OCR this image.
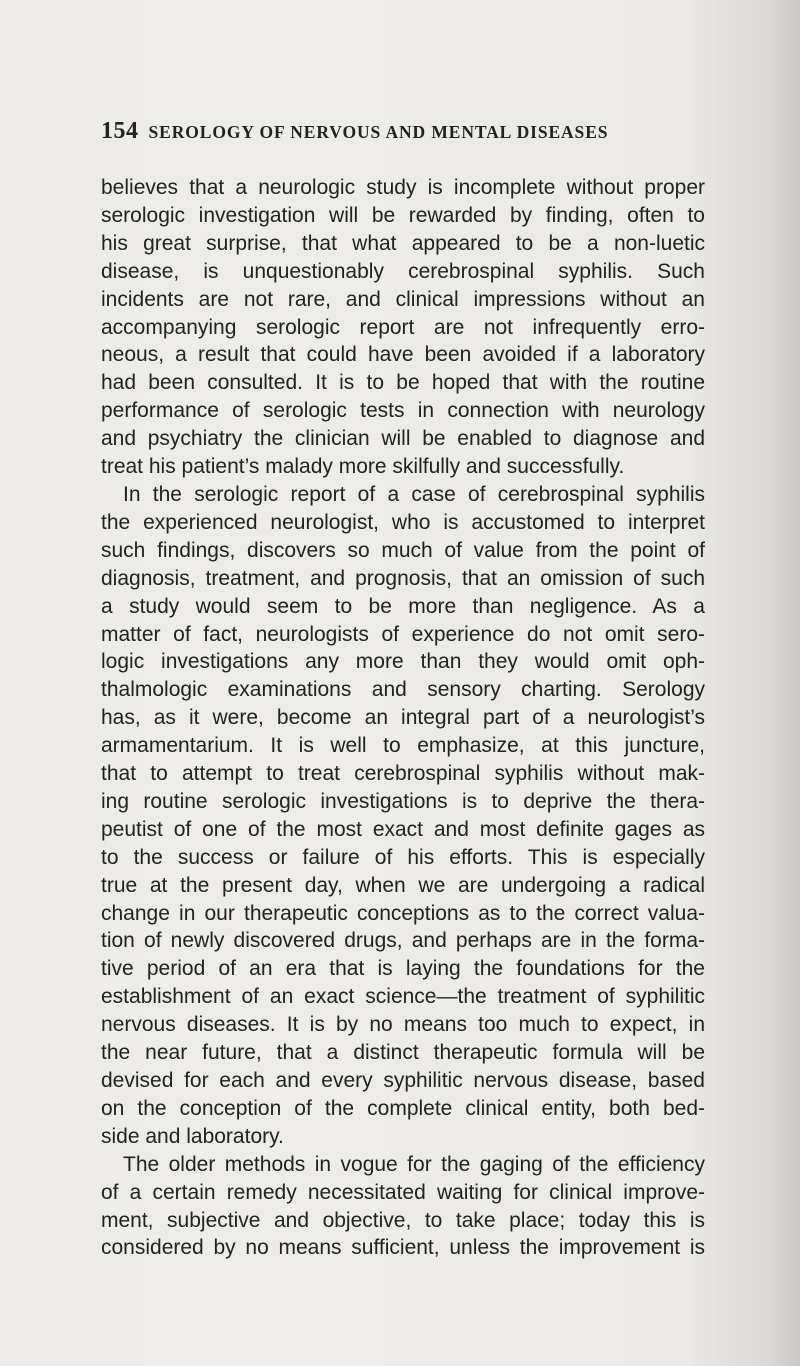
154 SEROLOGY OF NERVOUS AND MENTAL DISEASES
believes that a neurologic study is incomplete without proper
serologic investigation will be rewarded by finding, often to
his great surprise, that what appeared to be a non-luetic
disease, is unquestionably cerebrospinal syphilis. Such
incidents are not rare, and clinical impressions without an
accompanying serologic report are not infrequently erro-
neous, a result that could have been avoided if a laboratory
had been consulted. It is to be hoped that with the routine
performance of serologic tests in connection with neurology
and psychiatry the clinician will be enabled to diagnose and
treat his patient’s malady more skilfully and successfully.
In the serologic report of a case of cerebrospinal syphilis
the experienced neurologist, who is accustomed to interpret
such findings, discovers so much of value from the point of
diagnosis, treatment, and prognosis, that an omission of such
a study would seem to be more than negligence. As a
matter of fact, neurologists of experience do not omit sero-
logic investigations any more than they would omit oph-
thalmologic examinations and sensory charting. Serology
has, as it were, become an integral part of a neurologist’s
armamentarium. It is well to emphasize, at this juncture,
that to attempt to treat cerebrospinal syphilis without mak-
ing routine serologic investigations is to deprive the thera-
peutist of one of the most exact and most definite gages as
to the success or failure of his efforts. This is especially
true at the present day, when we are undergoing a radical
change in our therapeutic conceptions as to the correct valua-
tion of newly discovered drugs, and perhaps are in the forma-
tive period of an era that is laying the foundations for the
establishment of an exact science—the treatment of syphilitic
nervous diseases. It is by no means too much to expect, in
the near future, that a distinct therapeutic formula will be
devised for each and every syphilitic nervous disease, based
on the conception of the complete clinical entity, both bed-
side and laboratory.
The older methods in vogue for the gaging of the efficiency
of a certain remedy necessitated waiting for clinical improve-
ment, subjective and objective, to take place; today this is
considered by no means sufficient, unless the improvement is
